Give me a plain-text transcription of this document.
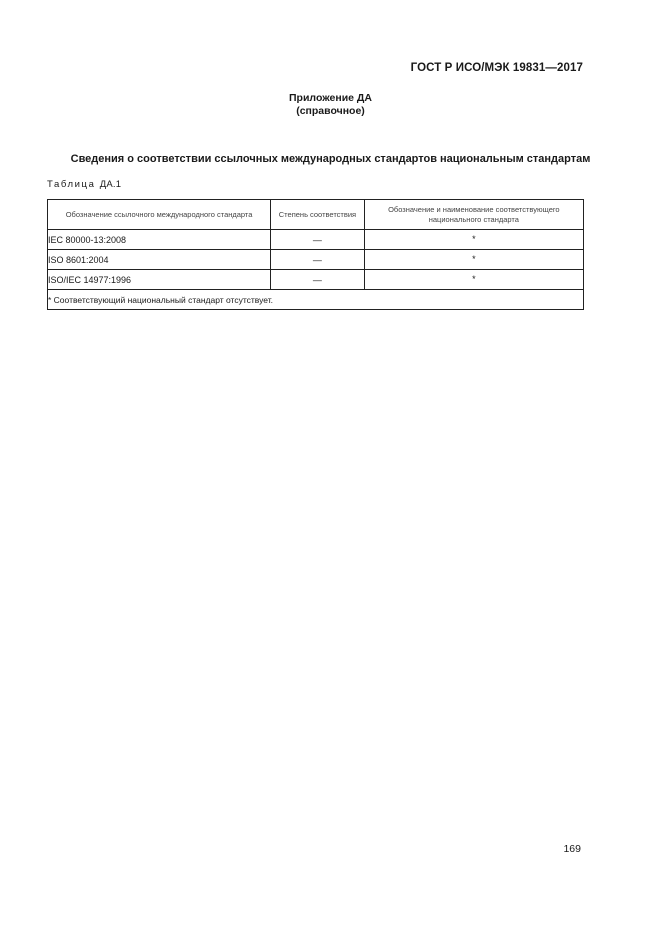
ГОСТ Р ИСО/МЭК 19831—2017
Приложение ДА
(справочное)
Сведения о соответствии ссылочных международных стандартов национальным стандартам
Таблица ДА.1
Обозначение ссылочного международного стандарта	Степень соответствия	Обозначение и наименование соответствующего национального стандарта
IEC 80000-13:2008	—	*
ISO 8601:2004	—	*
ISO/IEC 14977:1996	—	*
* Соответствующий национальный стандарт отсутствует.		
169
